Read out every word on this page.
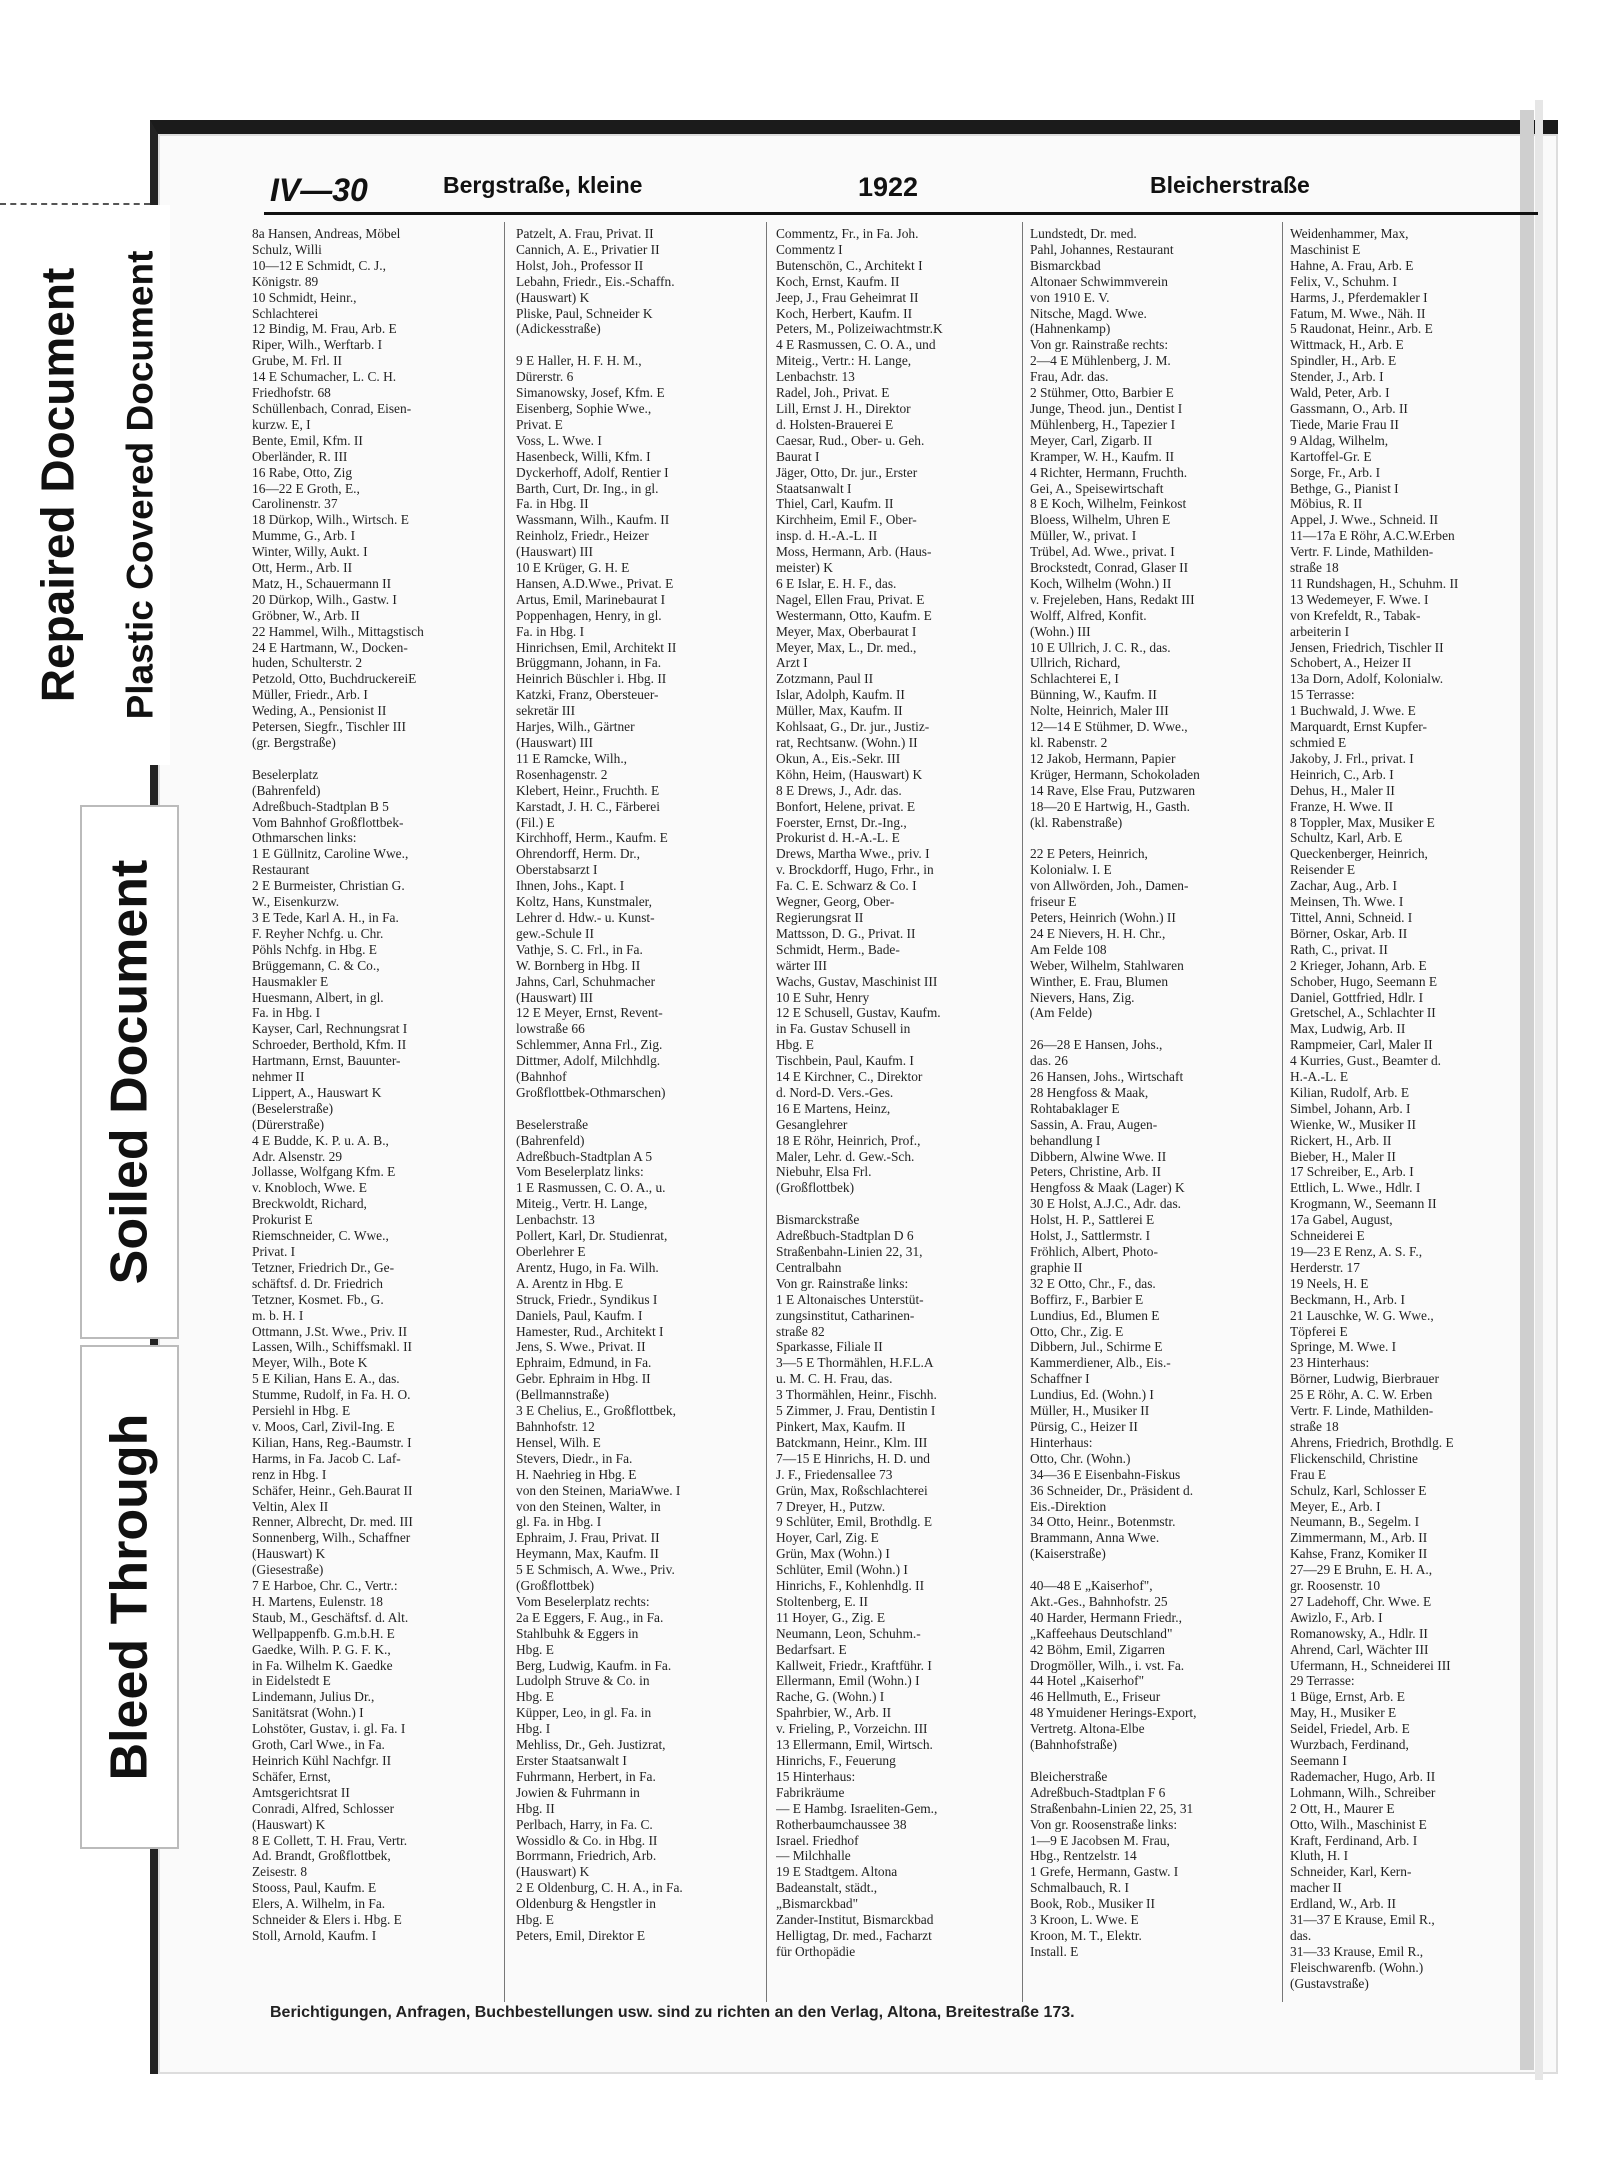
Repaired Document Plastic Covered Document
Soiled Document
Bleed Through
IV—30	Bergstraße, kleine	1922	Bleicherstraße
8a Hansen, Andreas, Möbel
Schulz, Willi
10—12 E Schmidt, C. J.,
Königstr. 89
10 Schmidt, Heinr.,
Schlachterei
12 Bindig, M. Frau, Arb. E
Riper, Wilh., Werftarb. I
Grube, M. Frl. II
14 E Schumacher, L. C. H.
Friedhofstr. 68
Schüllenbach, Conrad, Eisen-
kurzw. E, I
Bente, Emil, Kfm. II
Oberländer, R. III
16 Rabe, Otto, Zig
16—22 E Groth, E.,
Carolinenstr. 37
18 Dürkop, Wilh., Wirtsch. E
Mumme, G., Arb. I
Winter, Willy, Aukt. I
Ott, Herm., Arb. II
Matz, H., Schauermann II
20 Dürkop, Wilh., Gastw. I
Gröbner, W., Arb. II
22 Hammel, Wilh., Mittagstisch
24 E Hartmann, W., Docken-
huden, Schulterstr. 2
Petzold, Otto, BuchdruckereiE
Müller, Friedr., Arb. I
Weding, A., Pensionist II
Petersen, Siegfr., Tischler III
(gr. Bergstraße)

Beselerplatz
(Bahrenfeld)
Adreßbuch-Stadtplan B 5
Vom Bahnhof Großflottbek-
Othmarschen links:
1 E Güllnitz, Caroline Wwe.,
Restaurant
2 E Burmeister, Christian G.
W., Eisenkurzw.
3 E Tede, Karl A. H., in Fa.
F. Reyher Nchfg. u. Chr.
Pöhls Nchfg. in Hbg. E
Brüggemann, C. & Co.,
Hausmakler E
Huesmann, Albert, in gl.
Fa. in Hbg. I
Kayser, Carl, Rechnungsrat I
Schroeder, Berthold, Kfm. II
Hartmann, Ernst, Bauunter-
nehmer II
Lippert, A., Hauswart K
(Beselerstraße)
(Dürerstraße)
4 E Budde, K. P. u. A. B.,
Adr. Alsenstr. 29
Jollasse, Wolfgang Kfm. E
v. Knobloch, Wwe. E
Breckwoldt, Richard,
Prokurist E
Riemschneider, C. Wwe.,
Privat. I
Tetzner, Friedrich Dr., Ge-
schäftsf. d. Dr. Friedrich
Tetzner, Kosmet. Fb., G.
m. b. H. I
Ottmann, J.St. Wwe., Priv. II
Lassen, Wilh., Schiffsmakl. II
Meyer, Wilh., Bote K
5 E Kilian, Hans E. A., das.
Stumme, Rudolf, in Fa. H. O.
Persiehl in Hbg. E
v. Moos, Carl, Zivil-Ing. E
Kilian, Hans, Reg.-Baumstr. I
Harms, in Fa. Jacob C. Laf-
renz in Hbg. I
Schäfer, Heinr., Geh.Baurat II
Veltin, Alex II
Renner, Albrecht, Dr. med. III
Sonnenberg, Wilh., Schaffner
(Hauswart) K
(Giesestraße)
7 E Harboe, Chr. C., Vertr.:
H. Martens, Eulenstr. 18
Staub, M., Geschäftsf. d. Alt.
Wellpappenfb. G.m.b.H. E
Gaedke, Wilh. P. G. F. K.,
in Fa. Wilhelm K. Gaedke
in Eidelstedt E
Lindemann, Julius Dr.,
Sanitätsrat (Wohn.) I
Lohstöter, Gustav, i. gl. Fa. I
Groth, Carl Wwe., in Fa.
Heinrich Kühl Nachfgr. II
Schäfer, Ernst,
Amtsgerichtsrat II
Conradi, Alfred, Schlosser
(Hauswart) K
8 E Collett, T. H. Frau, Vertr.
Ad. Brandt, Großflottbek,
Zeisestr. 8
Stooss, Paul, Kaufm. E
Elers, A. Wilhelm, in Fa.
Schneider & Elers i. Hbg. E
Stoll, Arnold, Kaufm. I
Patzelt, A. Frau, Privat. II
Cannich, A. E., Privatier II
Holst, Joh., Professor II
Lebahn, Friedr., Eis.-Schaffn.
(Hauswart) K
Pliske, Paul, Schneider K
(Adickesstraße)

9 E Haller, H. F. H. M.,
Dürerstr. 6
Simanowsky, Josef, Kfm. E
Eisenberg, Sophie Wwe.,
Privat. E
Voss, L. Wwe. I
Hasenbeck, Willi, Kfm. I
Dyckerhoff, Adolf, Rentier I
Barth, Curt, Dr. Ing., in gl.
Fa. in Hbg. II
Wassmann, Wilh., Kaufm. II
Reinholz, Friedr., Heizer
(Hauswart) III
10 E Krüger, G. H. E
Hansen, A.D.Wwe., Privat. E
Artus, Emil, Marinebaurat I
Poppenhagen, Henry, in gl.
Fa. in Hbg. I
Hinrichsen, Emil, Architekt II
Brüggmann, Johann, in Fa.
Heinrich Büschler i. Hbg. II
Katzki, Franz, Obersteuer-
sekretär III
Harjes, Wilh., Gärtner
(Hauswart) III
11 E Ramcke, Wilh.,
Rosenhagenstr. 2
Klebert, Heinr., Fruchth. E
Karstadt, J. H. C., Färberei
(Fil.) E
Kirchhoff, Herm., Kaufm. E
Ohrendorff, Herm. Dr.,
Oberstabsarzt I
Ihnen, Johs., Kapt. I
Koltz, Hans, Kunstmaler,
Lehrer d. Hdw.- u. Kunst-
gew.-Schule II
Vathje, S. C. Frl., in Fa.
W. Bornberg in Hbg. II
Jahns, Carl, Schuhmacher
(Hauswart) III
12 E Meyer, Ernst, Revent-
lowstraße 66
Schlemmer, Anna Frl., Zig.
Dittmer, Adolf, Milchhdlg.
(Bahnhof
Großflottbek-Othmarschen)

Beselerstraße
(Bahrenfeld)
Adreßbuch-Stadtplan A 5
Vom Beselerplatz links:
1 E Rasmussen, C. O. A., u.
Miteig., Vertr. H. Lange,
Lenbachstr. 13
Pollert, Karl, Dr. Studienrat,
Oberlehrer E
Arentz, Hugo, in Fa. Wilh.
A. Arentz in Hbg. E
Struck, Friedr., Syndikus I
Daniels, Paul, Kaufm. I
Hamester, Rud., Architekt I
Jens, S. Wwe., Privat. II
Ephraim, Edmund, in Fa.
Gebr. Ephraim in Hbg. II
(Bellmannstraße)
3 E Chelius, E., Großflottbek,
Bahnhofstr. 12
Hensel, Wilh. E
Stevers, Diedr., in Fa.
H. Naehrieg in Hbg. E
von den Steinen, MariaWwe. I
von den Steinen, Walter, in
gl. Fa. in Hbg. I
Ephraim, J. Frau, Privat. II
Heymann, Max, Kaufm. II
5 E Schmisch, A. Wwe., Priv.
(Großflottbek)
Vom Beselerplatz rechts:
2a E Eggers, F. Aug., in Fa.
Stahlbuhk & Eggers in
Hbg. E
Berg, Ludwig, Kaufm. in Fa.
Ludolph Struve & Co. in
Hbg. E
Küpper, Leo, in gl. Fa. in
Hbg. I
Mehliss, Dr., Geh. Justizrat,
Erster Staatsanwalt I
Fuhrmann, Herbert, in Fa.
Jowien & Fuhrmann in
Hbg. II
Perlbach, Harry, in Fa. C.
Wossidlo & Co. in Hbg. II
Borrmann, Friedrich, Arb.
(Hauswart) K
2 E Oldenburg, C. H. A., in Fa.
Oldenburg & Hengstler in
Hbg. E
Peters, Emil, Direktor E
Commentz, Fr., in Fa. Joh.
Commentz I
Butenschön, C., Architekt I
Koch, Ernst, Kaufm. II
Jeep, J., Frau Geheimrat II
Koch, Herbert, Kaufm. II
Peters, M., Polizeiwachtmstr.K
4 E Rasmussen, C. O. A., und
Miteig., Vertr.: H. Lange,
Lenbachstr. 13
Radel, Joh., Privat. E
Lill, Ernst J. H., Direktor
d. Holsten-Brauerei E
Caesar, Rud., Ober- u. Geh.
Baurat I
Jäger, Otto, Dr. jur., Erster
Staatsanwalt I
Thiel, Carl, Kaufm. II
Kirchheim, Emil F., Ober-
insp. d. H.-A.-L. II
Moss, Hermann, Arb. (Haus-
meister) K
6 E Islar, E. H. F., das.
Nagel, Ellen Frau, Privat. E
Westermann, Otto, Kaufm. E
Meyer, Max, Oberbaurat I
Meyer, Max, L., Dr. med.,
Arzt I
Zotzmann, Paul II
Islar, Adolph, Kaufm. II
Müller, Max, Kaufm. II
Kohlsaat, G., Dr. jur., Justiz-
rat, Rechtsanw. (Wohn.) II
Okun, A., Eis.-Sekr. III
Köhn, Heim, (Hauswart) K
8 E Drews, J., Adr. das.
Bonfort, Helene, privat. E
Foerster, Ernst, Dr.-Ing.,
Prokurist d. H.-A.-L. E
Drews, Martha Wwe., priv. I
v. Brockdorff, Hugo, Frhr., in
Fa. C. E. Schwarz & Co. I
Wegner, Georg, Ober-
Regierungsrat II
Mattsson, D. G., Privat. II
Schmidt, Herm., Bade-
wärter III
Wachs, Gustav, Maschinist III
10 E Suhr, Henry
12 E Schusell, Gustav, Kaufm.
in Fa. Gustav Schusell in
Hbg. E
Tischbein, Paul, Kaufm. I
14 E Kirchner, C., Direktor
d. Nord-D. Vers.-Ges.
16 E Martens, Heinz,
Gesanglehrer
18 E Röhr, Heinrich, Prof.,
Maler, Lehr. d. Gew.-Sch.
Niebuhr, Elsa Frl.
(Großflottbek)

Bismarckstraße
Adreßbuch-Stadtplan D 6
Straßenbahn-Linien 22, 31,
Centralbahn
Von gr. Rainstraße links:
1 E Altonaisches Unterstüt-
zungsinstitut, Catharinen-
straße 82
Sparkasse, Filiale II
3—5 E Thormählen, H.F.L.A
u. M. C. H. Frau, das.
3 Thormählen, Heinr., Fischh.
5 Zimmer, J. Frau, Dentistin I
Pinkert, Max, Kaufm. II
Batckmann, Heinr., Klm. III
7—15 E Hinrichs, H. D. und
J. F., Friedensallee 73
Grün, Max, Roßschlachterei
7 Dreyer, H., Putzw.
9 Schlüter, Emil, Brothdlg. E
Hoyer, Carl, Zig. E
Grün, Max (Wohn.) I
Schlüter, Emil (Wohn.) I
Hinrichs, F., Kohlenhdlg. II
Stoltenberg, E. II
11 Hoyer, G., Zig. E
Neumann, Leon, Schuhm.-
Bedarfsart. E
Kallweit, Friedr., Kraftführ. I
Ellermann, Emil (Wohn.) I
Rache, G. (Wohn.) I
Spahrbier, W., Arb. II
v. Frieling, P., Vorzeichn. III
13 Ellermann, Emil, Wirtsch.
Hinrichs, F., Feuerung
15 Hinterhaus:
Fabrikräume
— E Hambg. Israeliten-Gem.,
Rotherbaumchaussee 38
Israel. Friedhof
— Milchhalle
19 E Stadtgem. Altona
Badeanstalt, städt.,
„Bismarckbad"
Zander-Institut, Bismarckbad
Helligtag, Dr. med., Facharzt
für Orthopädie
Lundstedt, Dr. med.
Pahl, Johannes, Restaurant
Bismarckbad
Altonaer Schwimmverein
von 1910 E. V.
Nitsche, Magd. Wwe.
(Hahnenkamp)
Von gr. Rainstraße rechts:
2—4 E Mühlenberg, J. M.
Frau, Adr. das.
2 Stühmer, Otto, Barbier E
Junge, Theod. jun., Dentist I
Mühlenberg, H., Tapezier I
Meyer, Carl, Zigarb. II
Kramper, W. H., Kaufm. II
4 Richter, Hermann, Fruchth.
Gei, A., Speisewirtschaft
8 E Koch, Wilhelm, Feinkost
Bloess, Wilhelm, Uhren E
Müller, W., privat. I
Trübel, Ad. Wwe., privat. I
Brockstedt, Conrad, Glaser II
Koch, Wilhelm (Wohn.) II
v. Frejeleben, Hans, Redakt III
Wolff, Alfred, Konfit.
(Wohn.) III
10 E Ullrich, J. C. R., das.
Ullrich, Richard,
Schlachterei E, I
Bünning, W., Kaufm. II
Nolte, Heinrich, Maler III
12—14 E Stühmer, D. Wwe.,
kl. Rabenstr. 2
12 Jakob, Hermann, Papier
Krüger, Hermann, Schokoladen
14 Rave, Else Frau, Putzwaren
18—20 E Hartwig, H., Gasth.
(kl. Rabenstraße)

22 E Peters, Heinrich,
Kolonialw. I. E
von Allwörden, Joh., Damen-
friseur E
Peters, Heinrich (Wohn.) II
24 E Nievers, H. H. Chr.,
Am Felde 108
Weber, Wilhelm, Stahlwaren
Winther, E. Frau, Blumen
Nievers, Hans, Zig.
(Am Felde)

26—28 E Hansen, Johs.,
das. 26
26 Hansen, Johs., Wirtschaft
28 Hengfoss & Maak,
Rohtabaklager E
Sassin, A. Frau, Augen-
behandlung I
Dibbern, Alwine Wwe. II
Peters, Christine, Arb. II
Hengfoss & Maak (Lager) K
30 E Holst, A.J.C., Adr. das.
Holst, H. P., Sattlerei E
Holst, J., Sattlermstr. I
Fröhlich, Albert, Photo-
graphie II
32 E Otto, Chr., F., das.
Boffirz, F., Barbier E
Lundius, Ed., Blumen E
Otto, Chr., Zig. E
Dibbern, Jul., Schirme E
Kammerdiener, Alb., Eis.-
Schaffner I
Lundius, Ed. (Wohn.) I
Müller, H., Musiker II
Pürsig, C., Heizer II
Hinterhaus:
Otto, Chr. (Wohn.)
34—36 E Eisenbahn-Fiskus
36 Schneider, Dr., Präsident d.
Eis.-Direktion
34 Otto, Heinr., Botenmstr.
Brammann, Anna Wwe.
(Kaiserstraße)

40—48 E „Kaiserhof",
Akt.-Ges., Bahnhofstr. 25
40 Harder, Hermann Friedr.,
„Kaffeehaus Deutschland"
42 Böhm, Emil, Zigarren
Drogmöller, Wilh., i. vst. Fa.
44 Hotel „Kaiserhof"
46 Hellmuth, E., Friseur
48 Ymuidener Herings-Export,
Vertretg. Altona-Elbe
(Bahnhofstraße)

Bleicherstraße
Adreßbuch-Stadtplan F 6
Straßenbahn-Linien 22, 25, 31
Von gr. Roosenstraße links:
1—9 E Jacobsen M. Frau,
Hbg., Rentzelstr. 14
1 Grefe, Hermann, Gastw. I
Schmalbauch, R. I
Book, Rob., Musiker II
3 Kroon, L. Wwe. E
Kroon, M. T., Elektr.
Install. E
Weidenhammer, Max,
Maschinist E
Hahne, A. Frau, Arb. E
Felix, V., Schuhm. I
Harms, J., Pferdemakler I
Fatum, M. Wwe., Näh. II
5 Raudonat, Heinr., Arb. E
Wittmack, H., Arb. E
Spindler, H., Arb. E
Stender, J., Arb. I
Wald, Peter, Arb. I
Gassmann, O., Arb. II
Tiede, Marie Frau II
9 Aldag, Wilhelm,
Kartoffel-Gr. E
Sorge, Fr., Arb. I
Bethge, G., Pianist I
Möbius, R. II
Appel, J. Wwe., Schneid. II
11—17a E Röhr, A.C.W.Erben
Vertr. F. Linde, Mathilden-
straße 18
11 Rundshagen, H., Schuhm. II
13 Wedemeyer, F. Wwe. I
von Krefeldt, R., Tabak-
arbeiterin I
Jensen, Friedrich, Tischler II
Schobert, A., Heizer II
13a Dorn, Adolf, Kolonialw.
15 Terrasse:
1 Buchwald, J. Wwe. E
Marquardt, Ernst Kupfer-
schmied E
Jakoby, J. Frl., privat. I
Heinrich, C., Arb. I
Dehus, H., Maler II
Franze, H. Wwe. II
8 Toppler, Max, Musiker E
Schultz, Karl, Arb. E
Queckenberger, Heinrich,
Reisender E
Zachar, Aug., Arb. I
Meinsen, Th. Wwe. I
Tittel, Anni, Schneid. I
Börner, Oskar, Arb. II
Rath, C., privat. II
2 Krieger, Johann, Arb. E
Schober, Hugo, Seemann E
Daniel, Gottfried, Hdlr. I
Gretschel, A., Schlachter II
Max, Ludwig, Arb. II
Rampmeier, Carl, Maler II
4 Kurries, Gust., Beamter d.
H.-A.-L. E
Kilian, Rudolf, Arb. E
Simbel, Johann, Arb. I
Wienke, W., Musiker II
Rickert, H., Arb. II
Bieber, H., Maler II
17 Schreiber, E., Arb. I
Ettlich, L. Wwe., Hdlr. I
Krogmann, W., Seemann II
17a Gabel, August,
Schneiderei E
19—23 E Renz, A. S. F.,
Herderstr. 17
19 Neels, H. E
Beckmann, H., Arb. I
21 Lauschke, W. G. Wwe.,
Töpferei E
Springe, M. Wwe. I
23 Hinterhaus:
Börner, Ludwig, Bierbrauer
25 E Röhr, A. C. W. Erben
Vertr. F. Linde, Mathilden-
straße 18
Ahrens, Friedrich, Brothdlg. E
Flickenschild, Christine
Frau E
Schulz, Karl, Schlosser E
Meyer, E., Arb. I
Neumann, B., Segelm. I
Zimmermann, M., Arb. II
Kahse, Franz, Komiker II
27—29 E Bruhn, E. H. A.,
gr. Roosenstr. 10
27 Ladehoff, Chr. Wwe. E
Awizlo, F., Arb. I
Romanowsky, A., Hdlr. II
Ahrend, Carl, Wächter III
Ufermann, H., Schneiderei III
29 Terrasse:
1 Büge, Ernst, Arb. E
May, H., Musiker E
Seidel, Friedel, Arb. E
Wurzbach, Ferdinand,
Seemann I
Rademacher, Hugo, Arb. II
Lohmann, Wilh., Schreiber
2 Ott, H., Maurer E
Otto, Wilh., Maschinist E
Kraft, Ferdinand, Arb. I
Kluth, H. I
Schneider, Karl, Kern-
macher II
Erdland, W., Arb. II
31—37 E Krause, Emil R.,
das.
31—33 Krause, Emil R.,
Fleischwarenfb. (Wohn.)
(Gustavstraße)
Berichtigungen, Anfragen, Buchbestellungen usw. sind zu richten an den Verlag, Altona, Breitestraße 173.
